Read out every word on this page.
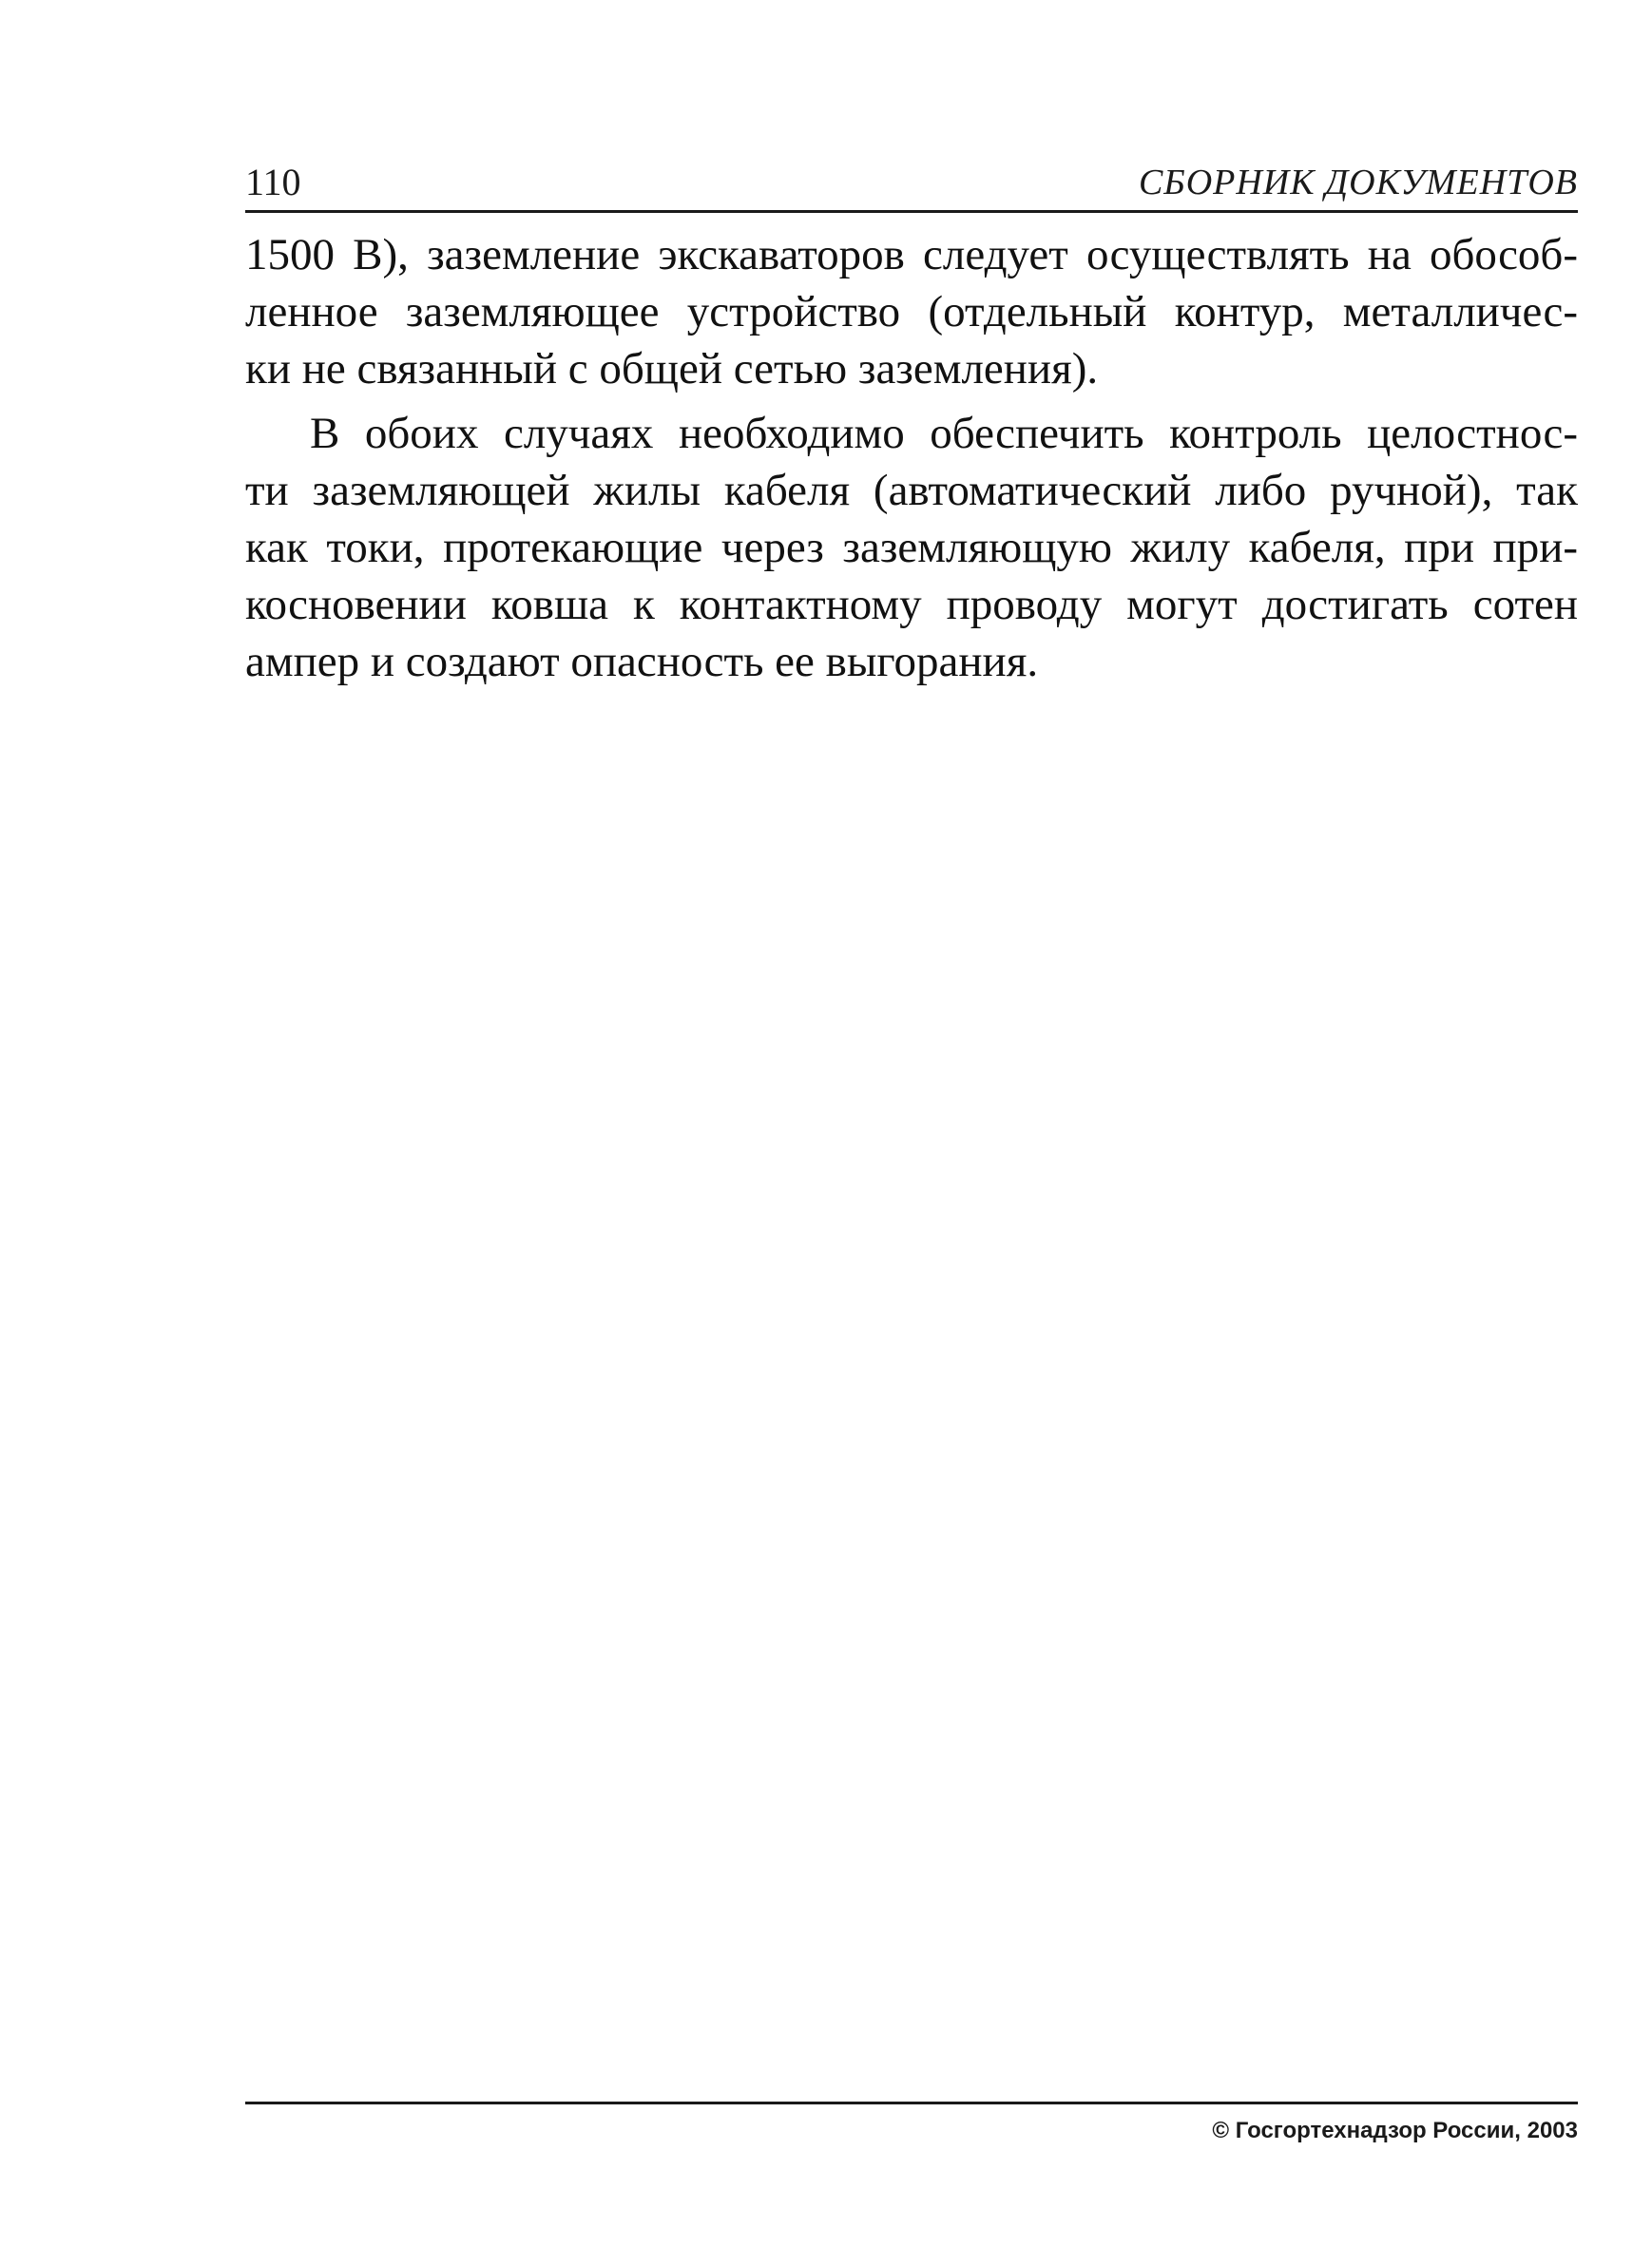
110	СБОРНИК ДОКУМЕНТОВ
1500 В), заземление экскаваторов следует осуществлять на обособ-
ленное заземляющее устройство (отдельный контур, металличес-
ки не связанный с общей сетью заземления).
В обоих случаях необходимо обеспечить контроль целостнос-
ти заземляющей жилы кабеля (автоматический либо ручной), так
как токи, протекающие через заземляющую жилу кабеля, при при-
косновении ковша к контактному проводу могут достигать сотен
ампер и создают опасность ее выгорания.
© Госгортехнадзор России, 2003
